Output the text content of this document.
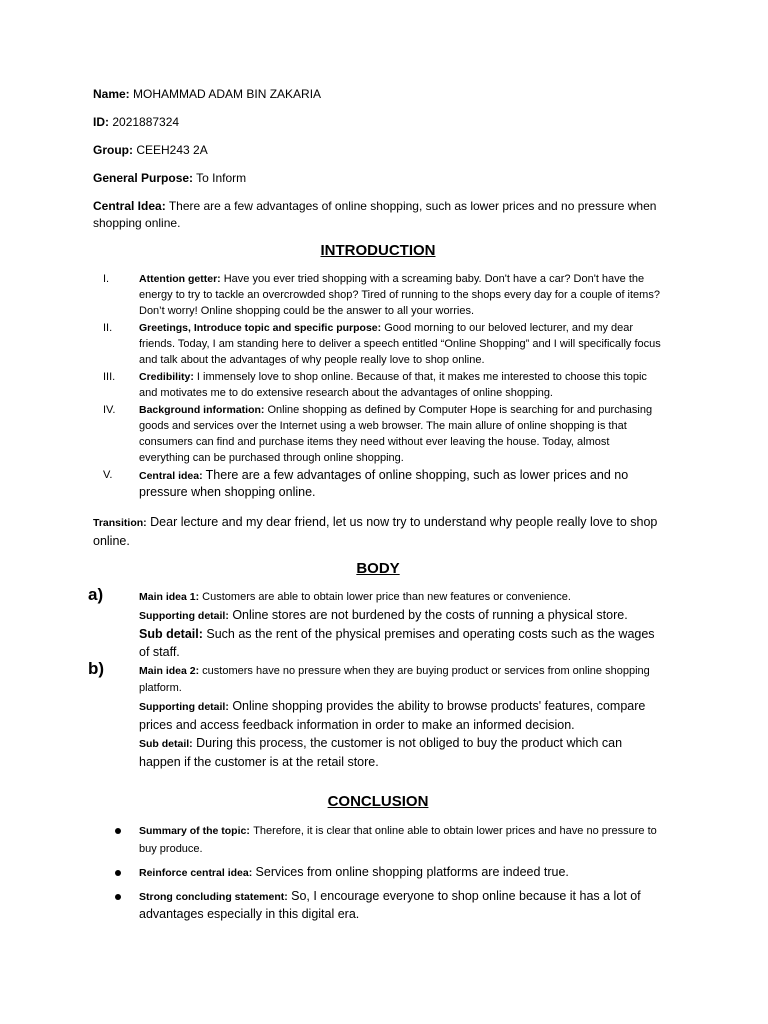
Name: MOHAMMAD ADAM BIN ZAKARIA

ID: 2021887324

Group: CEEH243 2A

General Purpose: To Inform

Central Idea: There are a few advantages of online shopping, such as lower prices and no pressure when shopping online.

INTRODUCTION
I.	Attention getter: Have you ever tried shopping with a screaming baby. Don't have a car? Don't have the energy to try to tackle an overcrowded shop? Tired of running to the shops every day for a couple of items? Don’t worry! Online shopping could be the answer to all your worries.
II.	Greetings, Introduce topic and specific purpose: Good morning to our beloved lecturer, and my dear friends. Today, I am standing here to deliver a speech entitled “Online Shopping” and I will specifically focus and talk about the advantages of why people really love to shop online.
III.	Credibility: I immensely love to shop online. Because of that, it makes me interested to choose this topic and motivates me to do extensive research about the advantages of online shopping.
IV.	Background information: Online shopping as defined by Computer Hope is searching for and purchasing goods and services over the Internet using a web browser. The main allure of online shopping is that consumers can find and purchase items they need without ever leaving the house. Today, almost everything can be purchased through online shopping.
V.	Central idea: There are a few advantages of online shopping, such as lower prices and no pressure when shopping online.

Transition: Dear lecture and my dear friend, let us now try to understand why people really love to shop online.

BODY
a)	Main idea 1: Customers are able to obtain lower price than new features or convenience.
Supporting detail: Online stores are not burdened by the costs of running a physical store.
Sub detail: Such as the rent of the physical premises and operating costs such as the wages of staff.
b)	Main idea 2: customers have no pressure when they are buying product or services from online shopping platform.
Supporting detail: Online shopping provides the ability to browse products' features, compare prices and access feedback information in order to make an informed decision.
Sub detail: During this process, the customer is not obliged to buy the product which can happen if the customer is at the retail store.
CONCLUSION
Summary of the topic: Therefore, it is clear that online able to obtain lower prices and have no pressure to buy produce.
Reinforce central idea: Services from online shopping platforms are indeed true.
Strong concluding statement: So, I encourage everyone to shop online because it has a lot of advantages especially in this digital era.
